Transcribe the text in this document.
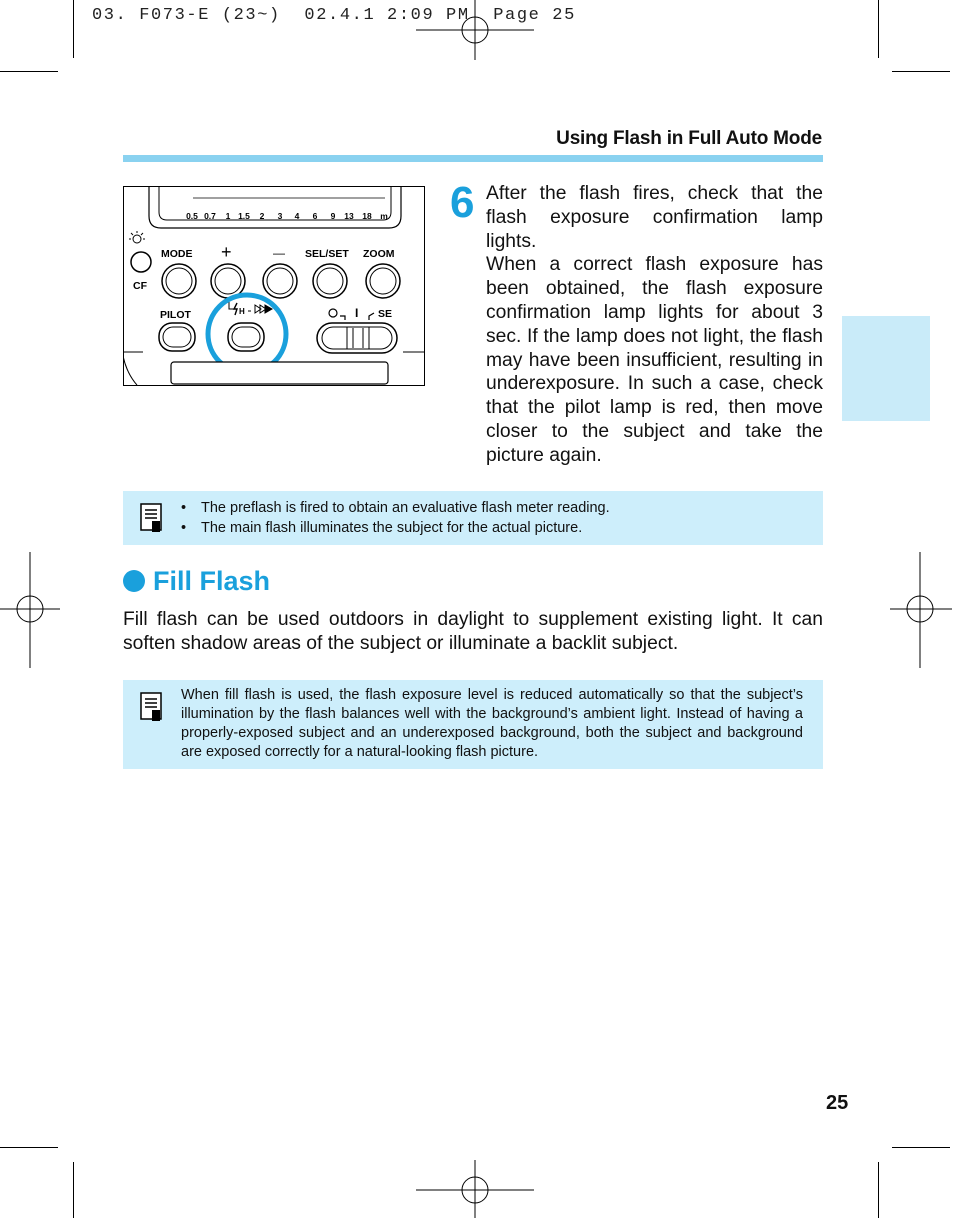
03. F073-E (23~)  02.4.1 2:09 PM  Page 25
Using Flash in Full Auto Mode
0.5 0.7 1 1.5 2 3 4 6 9 13 18 m
CF
MODE +	— SEL/SET ZOOM
PILOT	I SE
H
6 After the flash fires, check that the flash exposure confirmation lamp lights.

When a correct flash exposure has been obtained, the flash exposure confirmation lamp lights for about 3 sec. If the lamp does not light, the flash may have been insufficient, resulting in underexposure. In such a case, check that the pilot lamp is red, then move closer to the subject and take the picture again.

• The preflash is fired to obtain an evaluative flash meter reading.
• The main flash illuminates the subject for the actual picture.
Fill Flash
Fill flash can be used outdoors in daylight to supplement existing light. It can soften shadow areas of the subject or illuminate a backlit subject.
When fill flash is used, the flash exposure level is reduced automatically so that the subject’s illumination by the flash balances well with the background’s ambient light. Instead of having a properly-exposed subject and an underexposed background, both the subject and background are exposed correctly for a natural-looking flash picture.
25
